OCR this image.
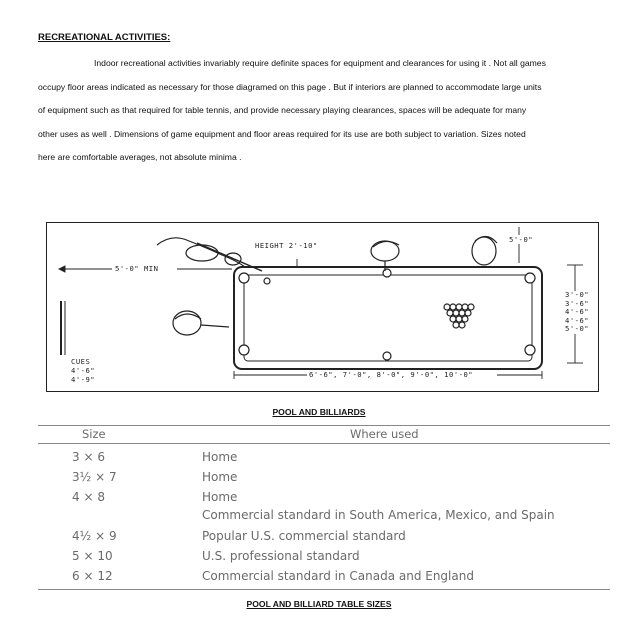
RECREATIONAL ACTIVITIES:

Indoor recreational activities invariably require definite spaces for equipment and clearances for using it . Not all games
occupy floor areas indicated as necessary for those diagramed on this page . But if interiors are planned to accommodate large units
of equipment such as that required for table tennis, and provide necessary playing clearances, spaces will be adequate for many
other uses as well . Dimensions of game equipment and floor areas required for its use are both subject to variation. Sizes noted
here are comfortable averages, not absolute minima .

HEIGHT 2'-10"
5'-0" MIN
5'-0"
CUES
4'-6"
4'-9"
6'-6", 7'-0", 8'-0", 9'-0", 10'-0"
3'-0"
3'-6"
4'-6"
4'-6"
5'-0"
POOL AND BILLIARDS
Size	Where used
3 × 6	Home
3½ × 7	Home
4 × 8	Home
Commercial standard in South America, Mexico, and Spain
4½ × 9	Popular U.S. commercial standard
5 × 10	U.S. professional standard
6 × 12	Commercial standard in Canada and England
POOL AND BILLIARD TABLE SIZES
